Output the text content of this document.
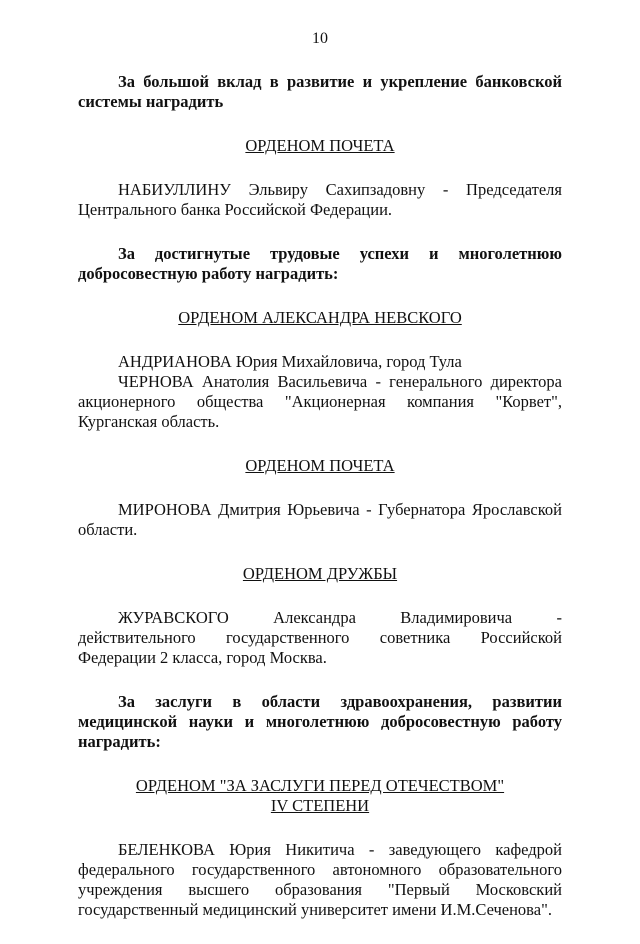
10

За большой вклад в развитие и укрепление банковской системы наградить

ОРДЕНОМ ПОЧЕТА

НАБИУЛЛИНУ Эльвиру Сахипзадовну - Председателя Центрального банка Российской Федерации.

За достигнутые трудовые успехи и многолетнюю добросовестную работу наградить:

ОРДЕНОМ АЛЕКСАНДРА НЕВСКОГО

АНДРИАНОВА Юрия Михайловича, город Тула

ЧЕРНОВА Анатолия Васильевича - генерального директора акционерного общества "Акционерная компания "Корвет", Курганская область.

ОРДЕНОМ ПОЧЕТА

МИРОНОВА Дмитрия Юрьевича - Губернатора Ярославской области.

ОРДЕНОМ ДРУЖБЫ

ЖУРАВСКОГО Александра Владимировича - действительного государственного советника Российской Федерации 2 класса, город Москва.

За заслуги в области здравоохранения, развитии медицинской науки и многолетнюю добросовестную работу наградить:

ОРДЕНОМ "ЗА ЗАСЛУГИ ПЕРЕД ОТЕЧЕСТВОМ"
IV СТЕПЕНИ

БЕЛЕНКОВА Юрия Никитича - заведующего кафедрой федерального государственного автономного образовательного учреждения высшего образования "Первый Московский государственный медицинский университет имени И.М.Сеченова".
